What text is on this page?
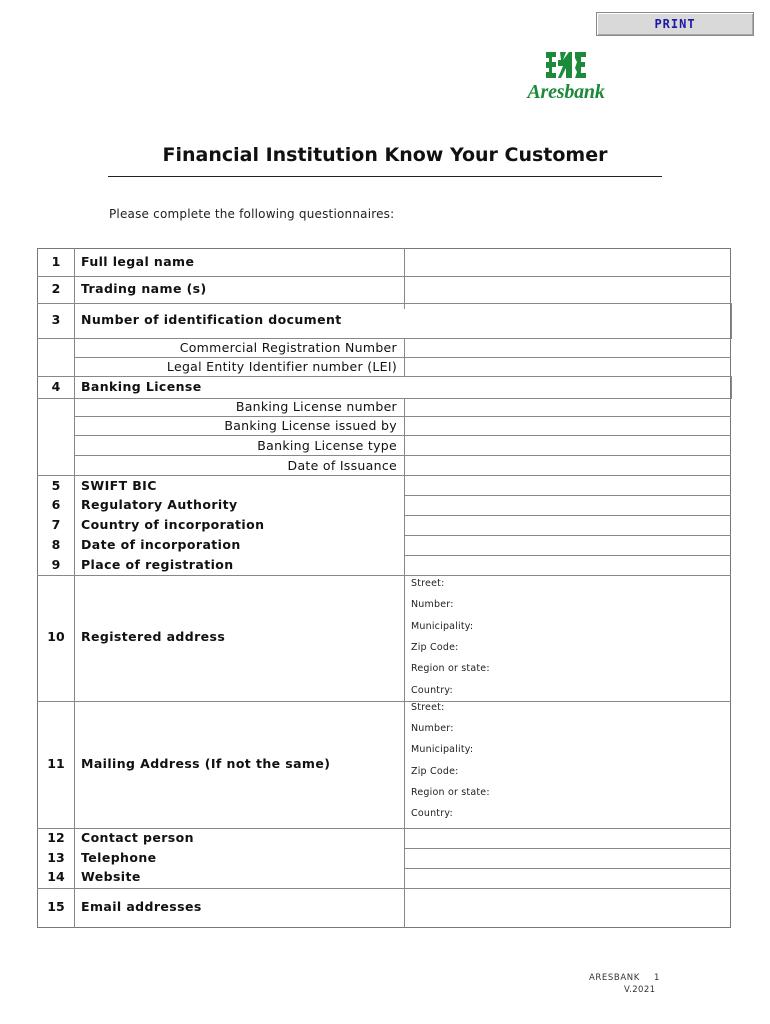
PRINT
Aresbank
Financial Institution Know Your Customer
Please complete the following questionnaires:
1
2
3
4
5
6
7
8
9
10
11
12
13
14
15
Full legal name
Trading name (s)
Number of identification document
Banking License
SWIFT BIC
Regulatory Authority
Country of incorporation
Date of incorporation
Place of registration
Registered address
Mailing Address (If not the same)
Contact person
Telephone
Website
Email addresses
Commercial Registration Number
Legal Entity Identifier number (LEI)
Banking License number
Banking License issued by
Banking License type
Date of Issuance
Street:
Number:
Municipality:
Zip Code:
Region or state:
Country:
Street:
Number:
Municipality:
Zip Code:
Region or state:
Country:
ARESBANK 1
V.2021
